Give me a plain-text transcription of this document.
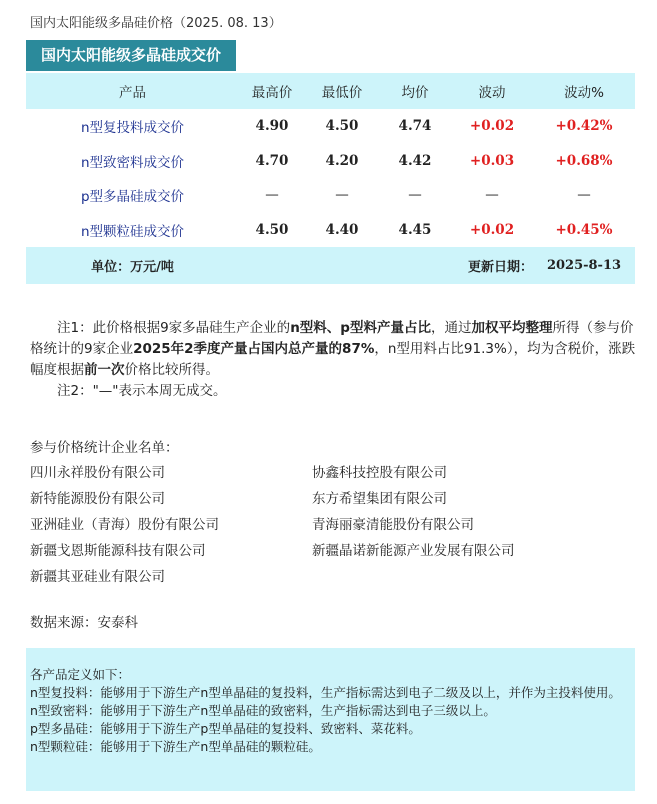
国内太阳能级多晶硅价格（2025. 08. 13）
国内太阳能级多晶硅成交价
产品	最高价	最低价	均价	波动	波动%
n型复投料成交价	4.90	4.50	4.74	+0.02	+0.42%
n型致密料成交价	4.70	4.20	4.42	+0.03	+0.68%
p型多晶硅成交价	—	—	—	—	—
n型颗粒硅成交价	4.50	4.40	4.45	+0.02	+0.45%
单位：万元/吨			更新日期：		2025-8-13

注1：此价格根据9家多晶硅生产企业的n型料、p型料产量占比，通过加权平均整理所得（参与价格统计的9家企业2025年2季度产量占国内总产量的87%，n型用料占比91.3%），均为含税价，涨跌幅度根据前一次价格比较所得。

注2："—"表示本周无成交。

参与价格统计企业名单：
四川永祥股份有限公司
新特能源股份有限公司
亚洲硅业（青海）股份有限公司
新疆戈恩斯能源科技有限公司
新疆其亚硅业有限公司
协鑫科技控股有限公司
东方希望集团有限公司
青海丽豪清能股份有限公司
新疆晶诺新能源产业发展有限公司
数据来源：安泰科
各产品定义如下：
n型复投料：能够用于下游生产n型单晶硅的复投料，生产指标需达到电子二级及以上，并作为主投料使用。
n型致密料：能够用于下游生产n型单晶硅的致密料，生产指标需达到电子三级以上。
p型多晶硅：能够用于下游生产p型单晶硅的复投料、致密料、菜花料。
n型颗粒硅：能够用于下游生产n型单晶硅的颗粒硅。
